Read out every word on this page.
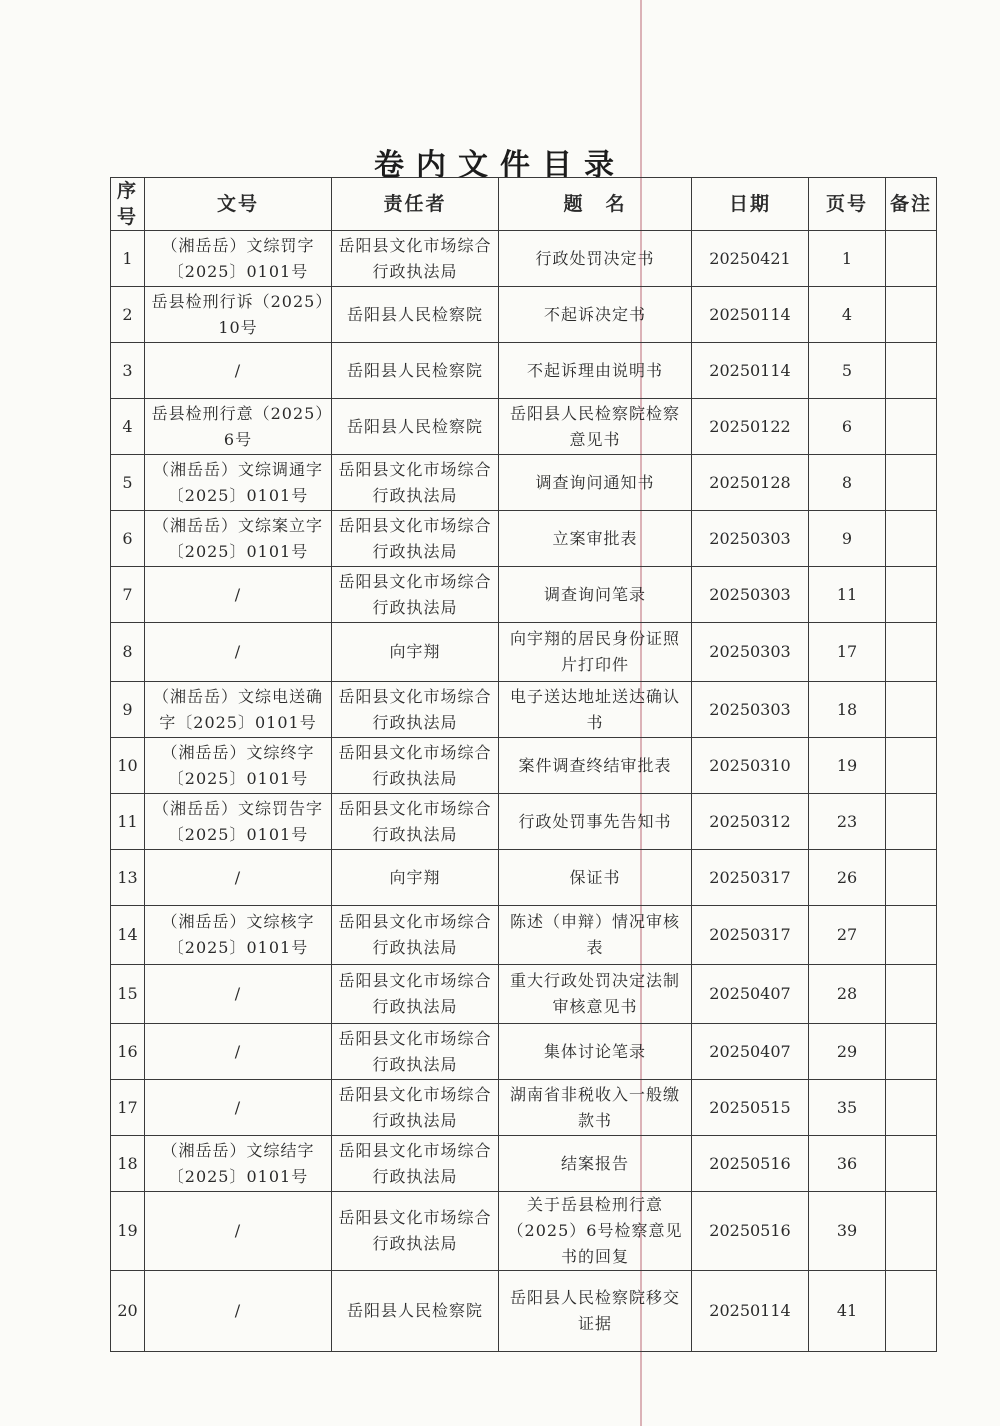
卷内文件目录
序号	文号	责任者	题　名	日期	页号	备注
1	（湘岳岳）文综罚字〔2025〕0101号	岳阳县文化市场综合行政执法局	行政处罚决定书	20250421	1	
2	岳县检刑行诉（2025）10号	岳阳县人民检察院	不起诉决定书	20250114	4	
3	/	岳阳县人民检察院	不起诉理由说明书	20250114	5	
4	岳县检刑行意（2025）6号	岳阳县人民检察院	岳阳县人民检察院检察意见书	20250122	6	
5	（湘岳岳）文综调通字〔2025〕0101号	岳阳县文化市场综合行政执法局	调查询问通知书	20250128	8	
6	（湘岳岳）文综案立字〔2025〕0101号	岳阳县文化市场综合行政执法局	立案审批表	20250303	9	
7	/	岳阳县文化市场综合行政执法局	调查询问笔录	20250303	11	
8	/	向宇翔	向宇翔的居民身份证照片打印件	20250303	17	
9	（湘岳岳）文综电送确字〔2025〕0101号	岳阳县文化市场综合行政执法局	电子送达地址送达确认书	20250303	18	
10	（湘岳岳）文综终字〔2025〕0101号	岳阳县文化市场综合行政执法局	案件调查终结审批表	20250310	19	
11	（湘岳岳）文综罚告字〔2025〕0101号	岳阳县文化市场综合行政执法局	行政处罚事先告知书	20250312	23	
13	/	向宇翔	保证书	20250317	26	
14	（湘岳岳）文综核字〔2025〕0101号	岳阳县文化市场综合行政执法局	陈述（申辩）情况审核表	20250317	27	
15	/	岳阳县文化市场综合行政执法局	重大行政处罚决定法制审核意见书	20250407	28	
16	/	岳阳县文化市场综合行政执法局	集体讨论笔录	20250407	29	
17	/	岳阳县文化市场综合行政执法局	湖南省非税收入一般缴款书	20250515	35	
18	（湘岳岳）文综结字〔2025〕0101号	岳阳县文化市场综合行政执法局	结案报告	20250516	36	
19	/	岳阳县文化市场综合行政执法局	关于岳县检刑行意（2025）6号检察意见书的回复	20250516	39	
20	/	岳阳县人民检察院	岳阳县人民检察院移交证据	20250114	41	
